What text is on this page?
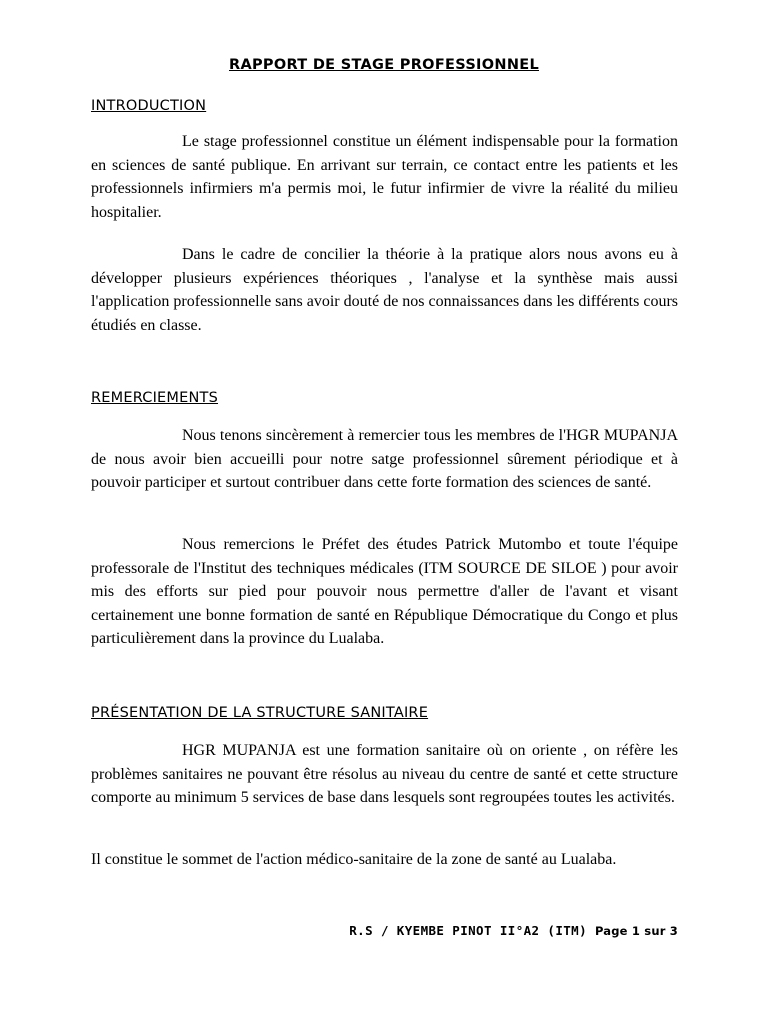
RAPPORT DE STAGE PROFESSIONNEL
INTRODUCTION

Le stage professionnel constitue un élément indispensable pour la formation en sciences de santé publique. En arrivant sur terrain, ce contact entre les patients et les professionnels infirmiers m'a permis moi, le futur infirmier de vivre la réalité du milieu hospitalier.

Dans le cadre de concilier la théorie à la pratique alors nous avons eu à développer plusieurs expériences théoriques , l'analyse et la synthèse mais aussi l'application professionnelle sans avoir douté de nos connaissances dans les différents cours étudiés en classe.

REMERCIEMENTS

Nous tenons sincèrement à remercier tous les membres de l'HGR MUPANJA de nous avoir bien accueilli pour notre satge professionnel sûrement périodique et à pouvoir participer et surtout contribuer dans cette forte formation des sciences de santé.

Nous remercions le Préfet des études Patrick Mutombo et toute l'équipe professorale de l'Institut des techniques médicales (ITM SOURCE DE SILOE ) pour avoir mis des efforts sur pied pour pouvoir nous permettre d'aller de l'avant et visant certainement une bonne formation de santé en République Démocratique du Congo et plus particulièrement dans la province du Lualaba.

PRÉSENTATION DE LA STRUCTURE SANITAIRE

HGR MUPANJA est une formation sanitaire où on oriente , on réfère les problèmes sanitaires ne pouvant être résolus au niveau du centre de santé et cette structure comporte au minimum 5 services de base dans lesquels sont regroupées toutes les activités.

Il constitue le sommet de l'action médico-sanitaire de la zone de santé au Lualaba.

R.S / KYEMBE PINOT II°A2 (ITM) Page 1 sur 3
